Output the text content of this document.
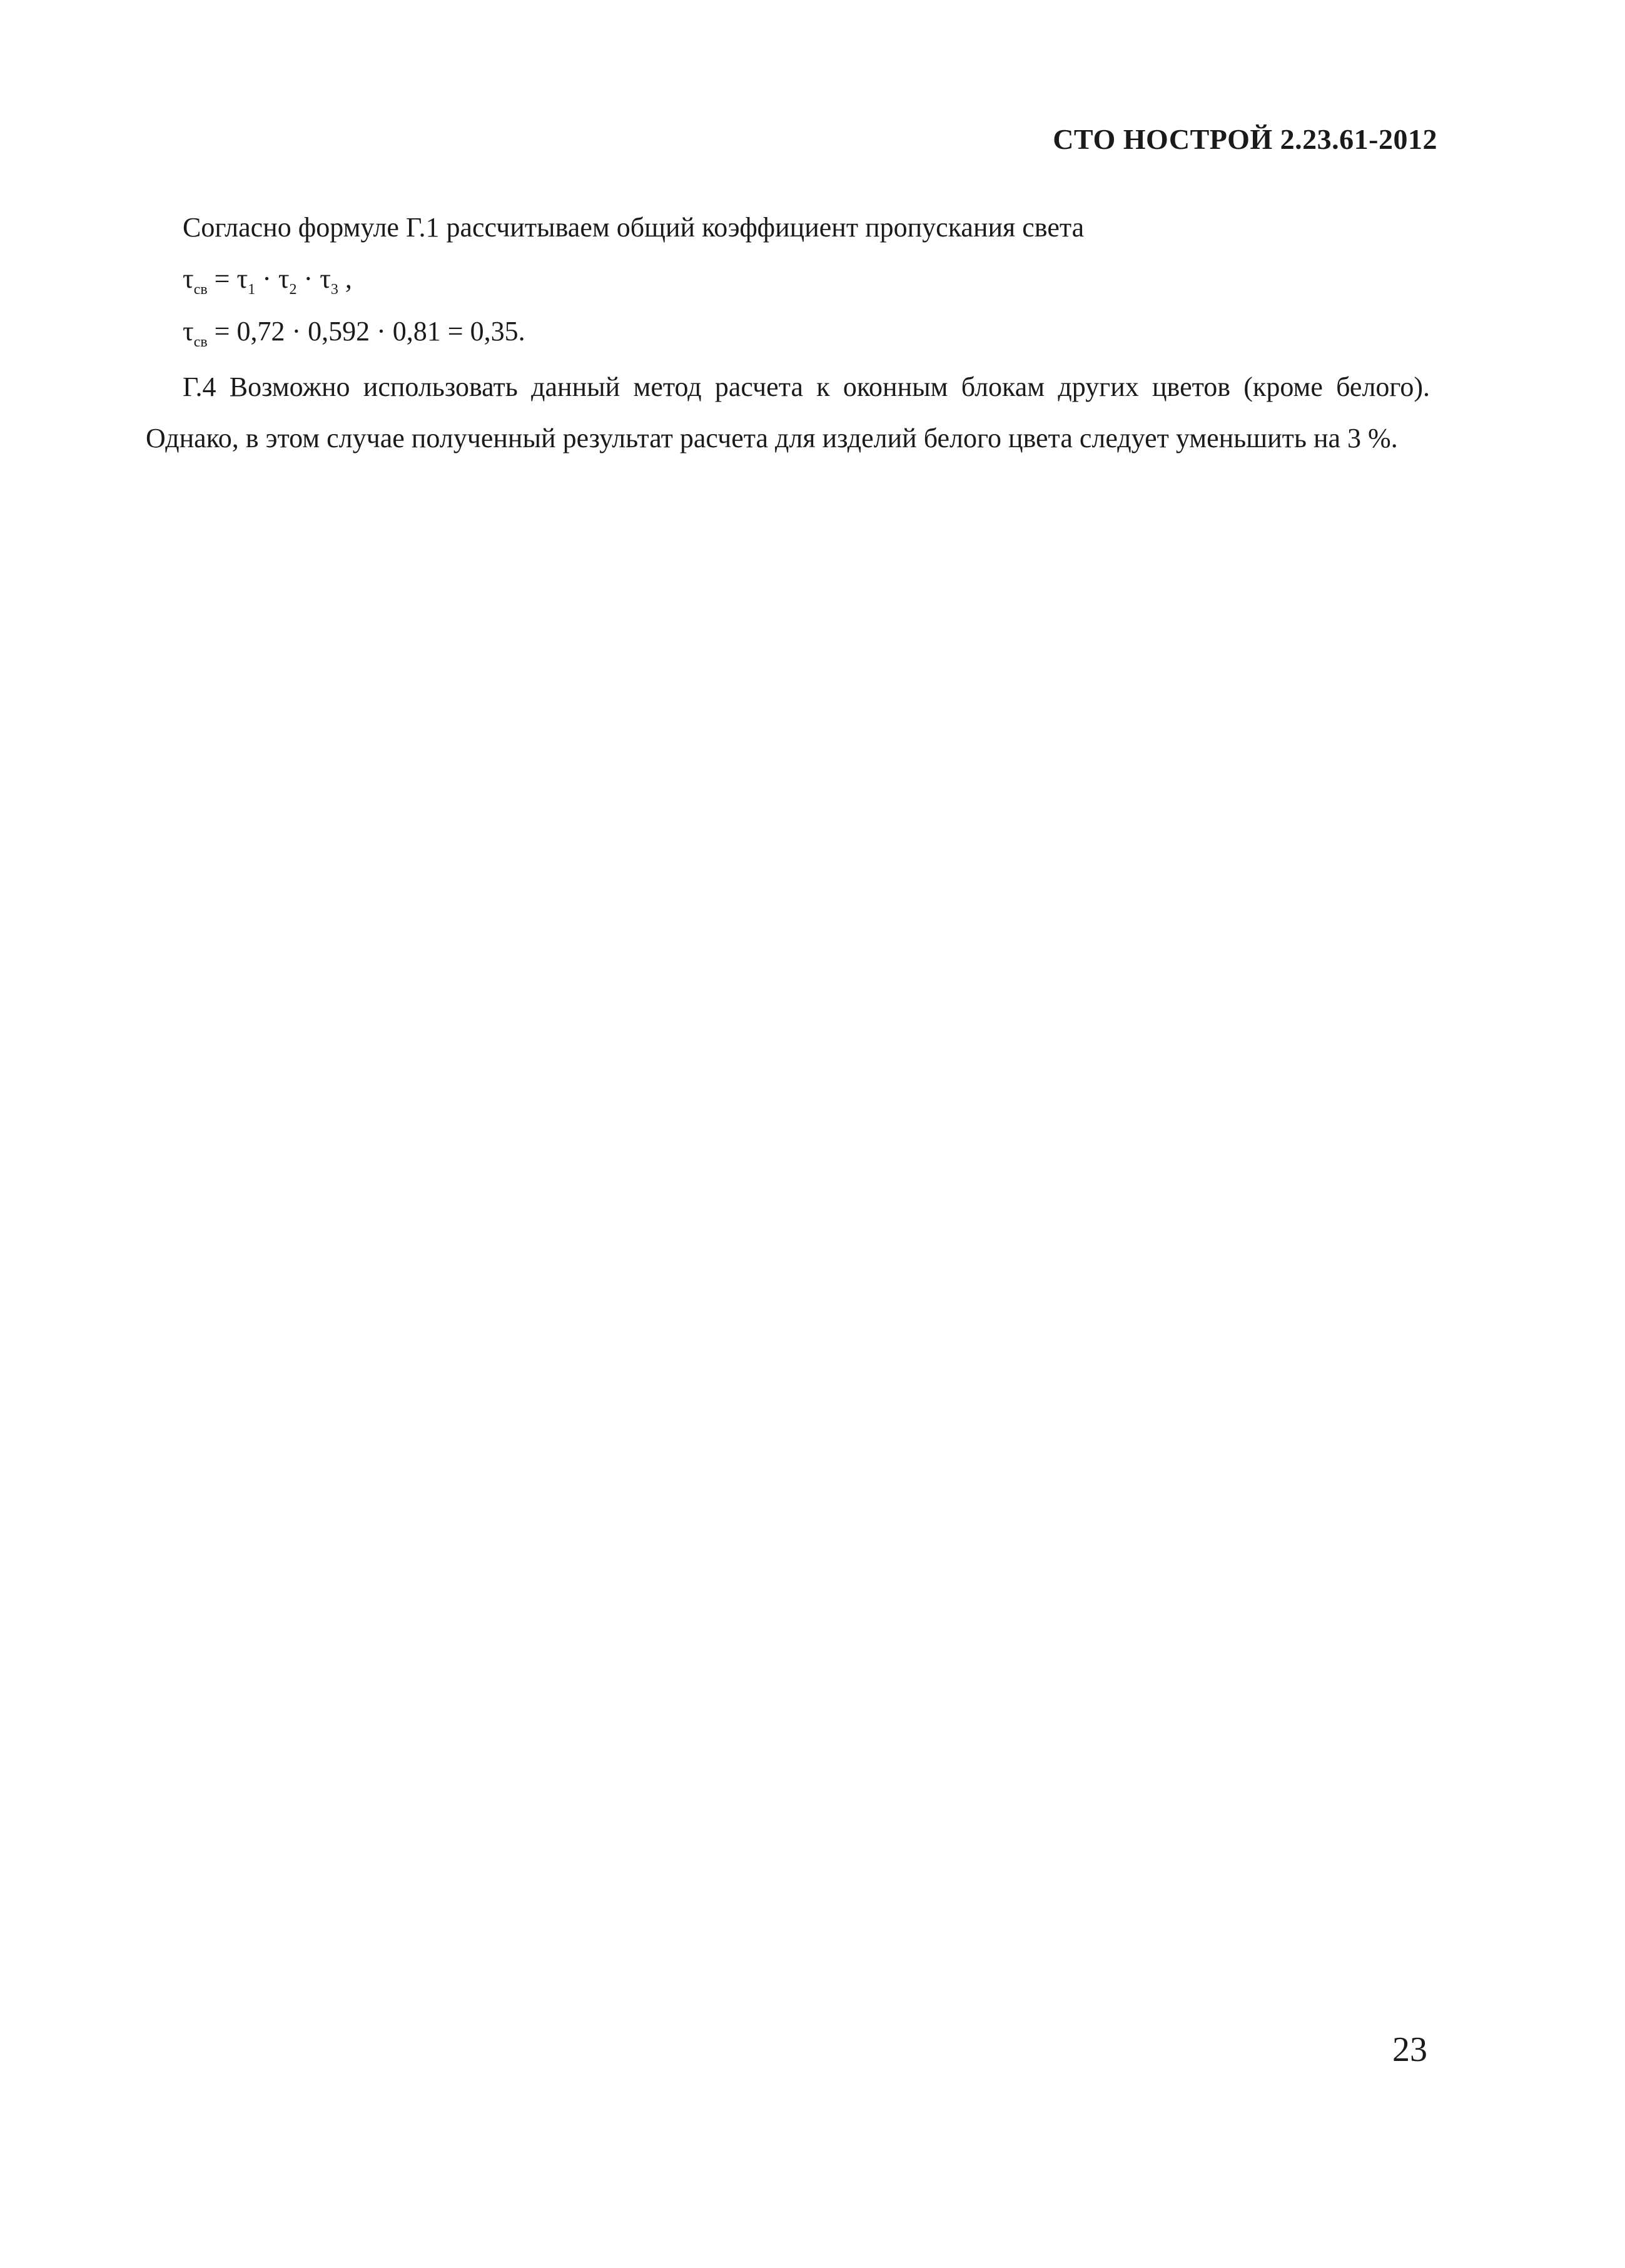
СТО НОСТРОЙ 2.23.61-2012
Согласно формуле Г.1 рассчитываем общий коэффициент пропускания света
$\tau_{св} = \tau_1 \cdot \tau_2 \cdot \tau_3$ ,
$\tau_{св} = 0,72 \cdot 0,592 \cdot 0,81 = 0,35$.
Г.4 Возможно использовать данный метод расчета к оконным блокам других цветов (кроме белого). Однако, в этом случае полученный результат расчета для изделий белого цвета следует уменьшить на 3 %.
23
